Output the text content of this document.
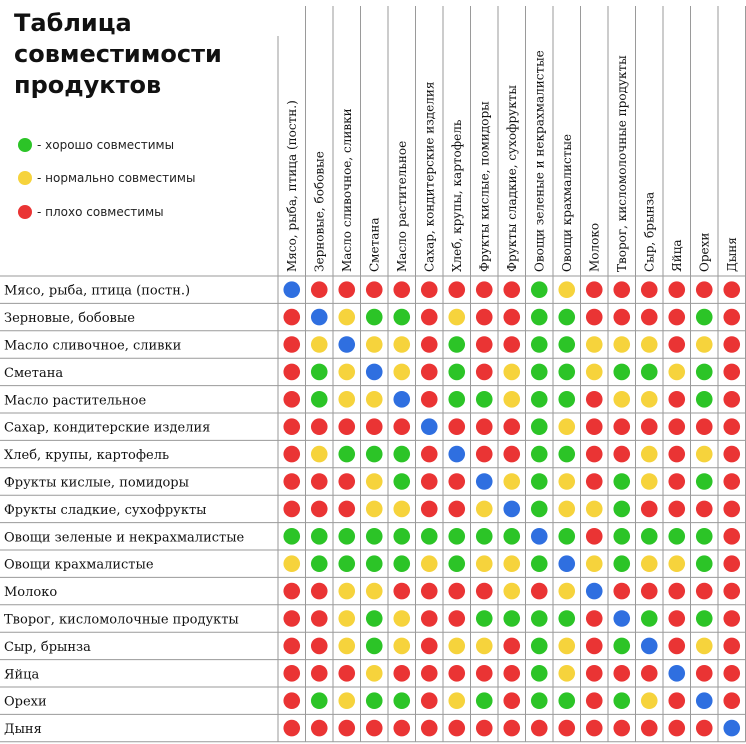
Таблица
совместимости
продуктов
- хорошо совместимы
- нормально совместимы
- плохо совместимы	Мясо, рыба, птица (постн.) Зерновые, бобовые Масло сливочное, сливки Сметана Масло растительное Сахар, кондитерские изделия Хлеб, крупы, картофель Фрукты кислые, помидоры Фрукты сладкие, сухофрукты Овощи зеленые и некрахмалистые Овощи крахмалистые Молоко Творог, кисломолочные продукты Сыр, брынза Яйца Орехи Дыня
Мясо, рыба, птица (постн.)
Зерновые, бобовые
Масло сливочное, сливки
Сметана
Масло растительное
Сахар, кондитерские изделия
Хлеб, крупы, картофель
Фрукты кислые, помидоры
Фрукты сладкие, сухофрукты
Овощи зеленые и некрахмалистые
Овощи крахмалистые
Молоко
Творог, кисломолочные продукты
Сыр, брынза
Яйца
Орехи
Дыня
